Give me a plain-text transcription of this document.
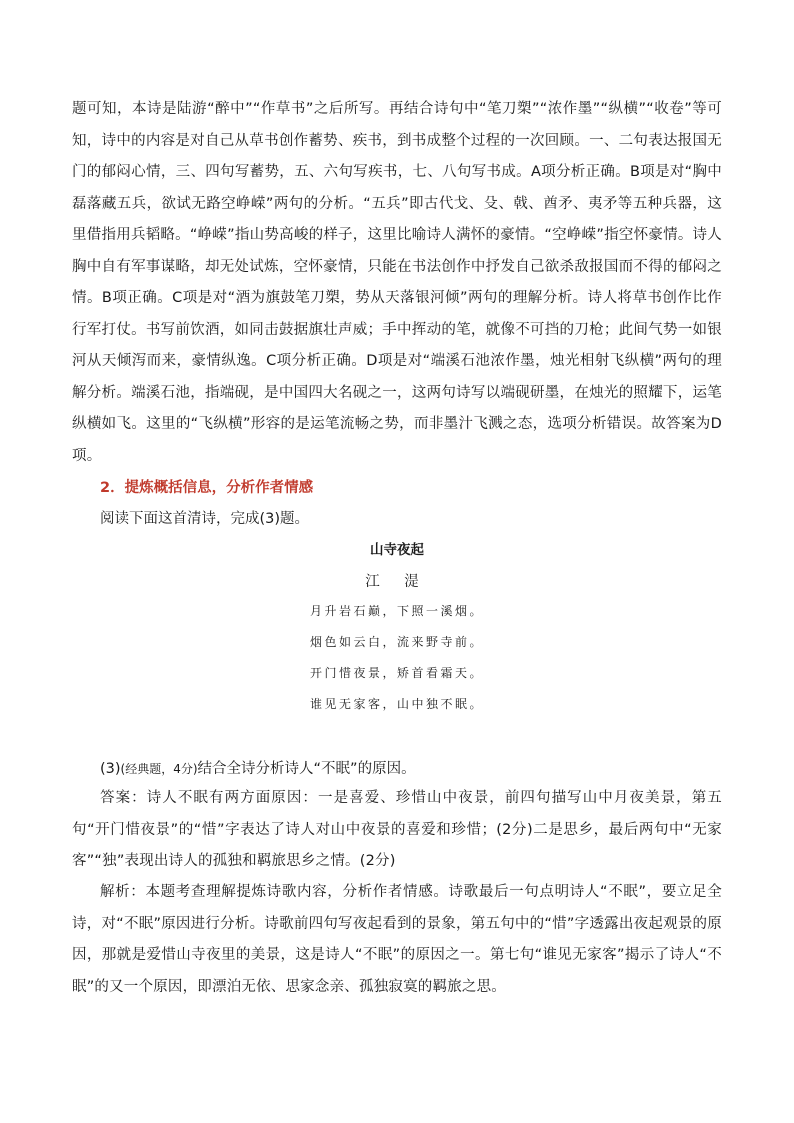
题可知，本诗是陆游“醉中”“作草书”之后所写。再结合诗句中“笔刀槊”“浓作墨”“纵横”“收卷”等可知，诗中的内容是对自己从草书创作蓄势、疾书，到书成整个过程的一次回顾。一、二句表达报国无门的郁闷心情，三、四句写蓄势，五、六句写疾书，七、八句写书成。A项分析正确。B项是对“胸中磊落藏五兵，欲试无路空峥嵘”两句的分析。“五兵”即古代戈、殳、戟、酋矛、夷矛等五种兵器，这里借指用兵韬略。“峥嵘”指山势高峻的样子，这里比喻诗人满怀的豪情。“空峥嵘”指空怀豪情。诗人胸中自有军事谋略，却无处试炼，空怀豪情，只能在书法创作中抒发自己欲杀敌报国而不得的郁闷之情。B项正确。C项是对“酒为旗鼓笔刀槊，势从天落银河倾”两句的理解分析。诗人将草书创作比作行军打仗。书写前饮酒，如同击鼓据旗壮声威；手中挥动的笔，就像不可挡的刀枪；此间气势一如银河从天倾泻而来，豪情纵逸。C项分析正确。D项是对“端溪石池浓作墨，烛光相射飞纵横”两句的理解分析。端溪石池，指端砚，是中国四大名砚之一，这两句诗写以端砚研墨，在烛光的照耀下，运笔纵横如飞。这里的“飞纵横”形容的是运笔流畅之势，而非墨汁飞溅之态，选项分析错误。故答案为D项。

2．提炼概括信息，分析作者情感

阅读下面这首清诗，完成(3)题。

山寺夜起

江 湜

月升岩石巅，下照一溪烟。

烟色如云白，流来野寺前。

开门惜夜景，矫首看霜天。

谁见无家客，山中独不眠。

(3)(经典题，4分)结合全诗分析诗人“不眠”的原因。

答案：诗人不眠有两方面原因：一是喜爱、珍惜山中夜景，前四句描写山中月夜美景，第五句“开门惜夜景”的“惜”字表达了诗人对山中夜景的喜爱和珍惜；(2分)二是思乡，最后两句中“无家客”“独”表现出诗人的孤独和羁旅思乡之情。(2分)

解析：本题考查理解提炼诗歌内容，分析作者情感。诗歌最后一句点明诗人“不眠”，要立足全诗，对“不眠”原因进行分析。诗歌前四句写夜起看到的景象，第五句中的“惜”字透露出夜起观景的原因，那就是爱惜山寺夜里的美景，这是诗人“不眠”的原因之一。第七句“谁见无家客”揭示了诗人“不眠”的又一个原因，即漂泊无依、思家念亲、孤独寂寞的羁旅之思。
